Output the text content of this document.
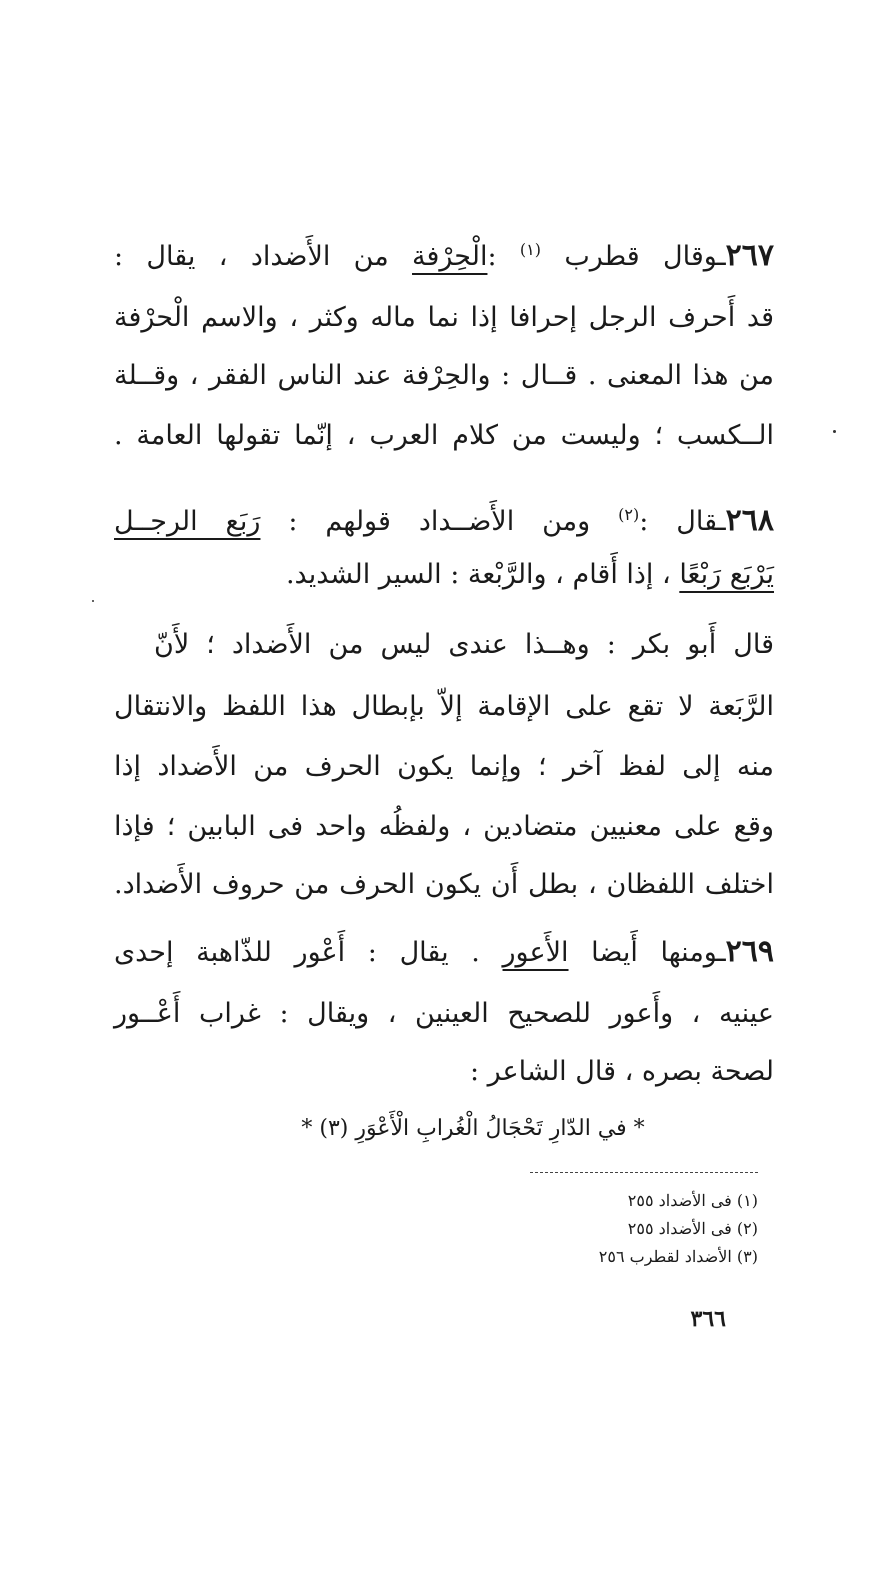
٢٦٧ـوقال قطرب $^{(١)}$ :الْحِرْفة من الأَضداد ، يقال :
قد أَحرف الرجل إحرافا إذا نما ماله وكثر ، والاسم الْحرْفة
من هذا المعنى . قــال : والحِرْفة عند الناس الفقر ، وقــلة
الــكسب ؛ وليست من كلام العرب ، إنّما تقولها العامة .
٢٦٨ـقال :$^{(٢)}$ ومن الأَضــداد قولهم : رَبَع الرجــل
يَرْبَع رَبْعًا ، إذا أَقام ، والرَّبْعة : السير الشديد.
قال أَبو بكر : وهــذا عندى ليس من الأَضداد ؛ لأَنّ
الرَّبَعة لا تقع على الإقامة إلاّ بإبطال هذا اللفظ والانتقال
منه إلى لفظ آخر ؛ وإنما يكون الحرف من الأَضداد إذا
وقع على معنيين متضادين ، ولفظُه واحد فى البابين ؛ فإذا
اختلف اللفظان ، بطل أَن يكون الحرف من حروف الأَضداد.
٢٦٩ـومنها أَيضا الأَعور . يقال : أَعْور للذّاهبة إحدى
عينيه ، وأَعور للصحيح العينين ، ويقال : غراب أَعْــور
لصحة بصره ، قال الشاعر :
* في الدّارِ تَحْجَالُ الْغُرابِ الْأَعْوَرِ (٣) *
(١) فى الأضداد ٢٥٥
(٢) فى الأضداد ٢٥٥
(٣) الأضداد لقطرب ٢٥٦
٣٦٦
